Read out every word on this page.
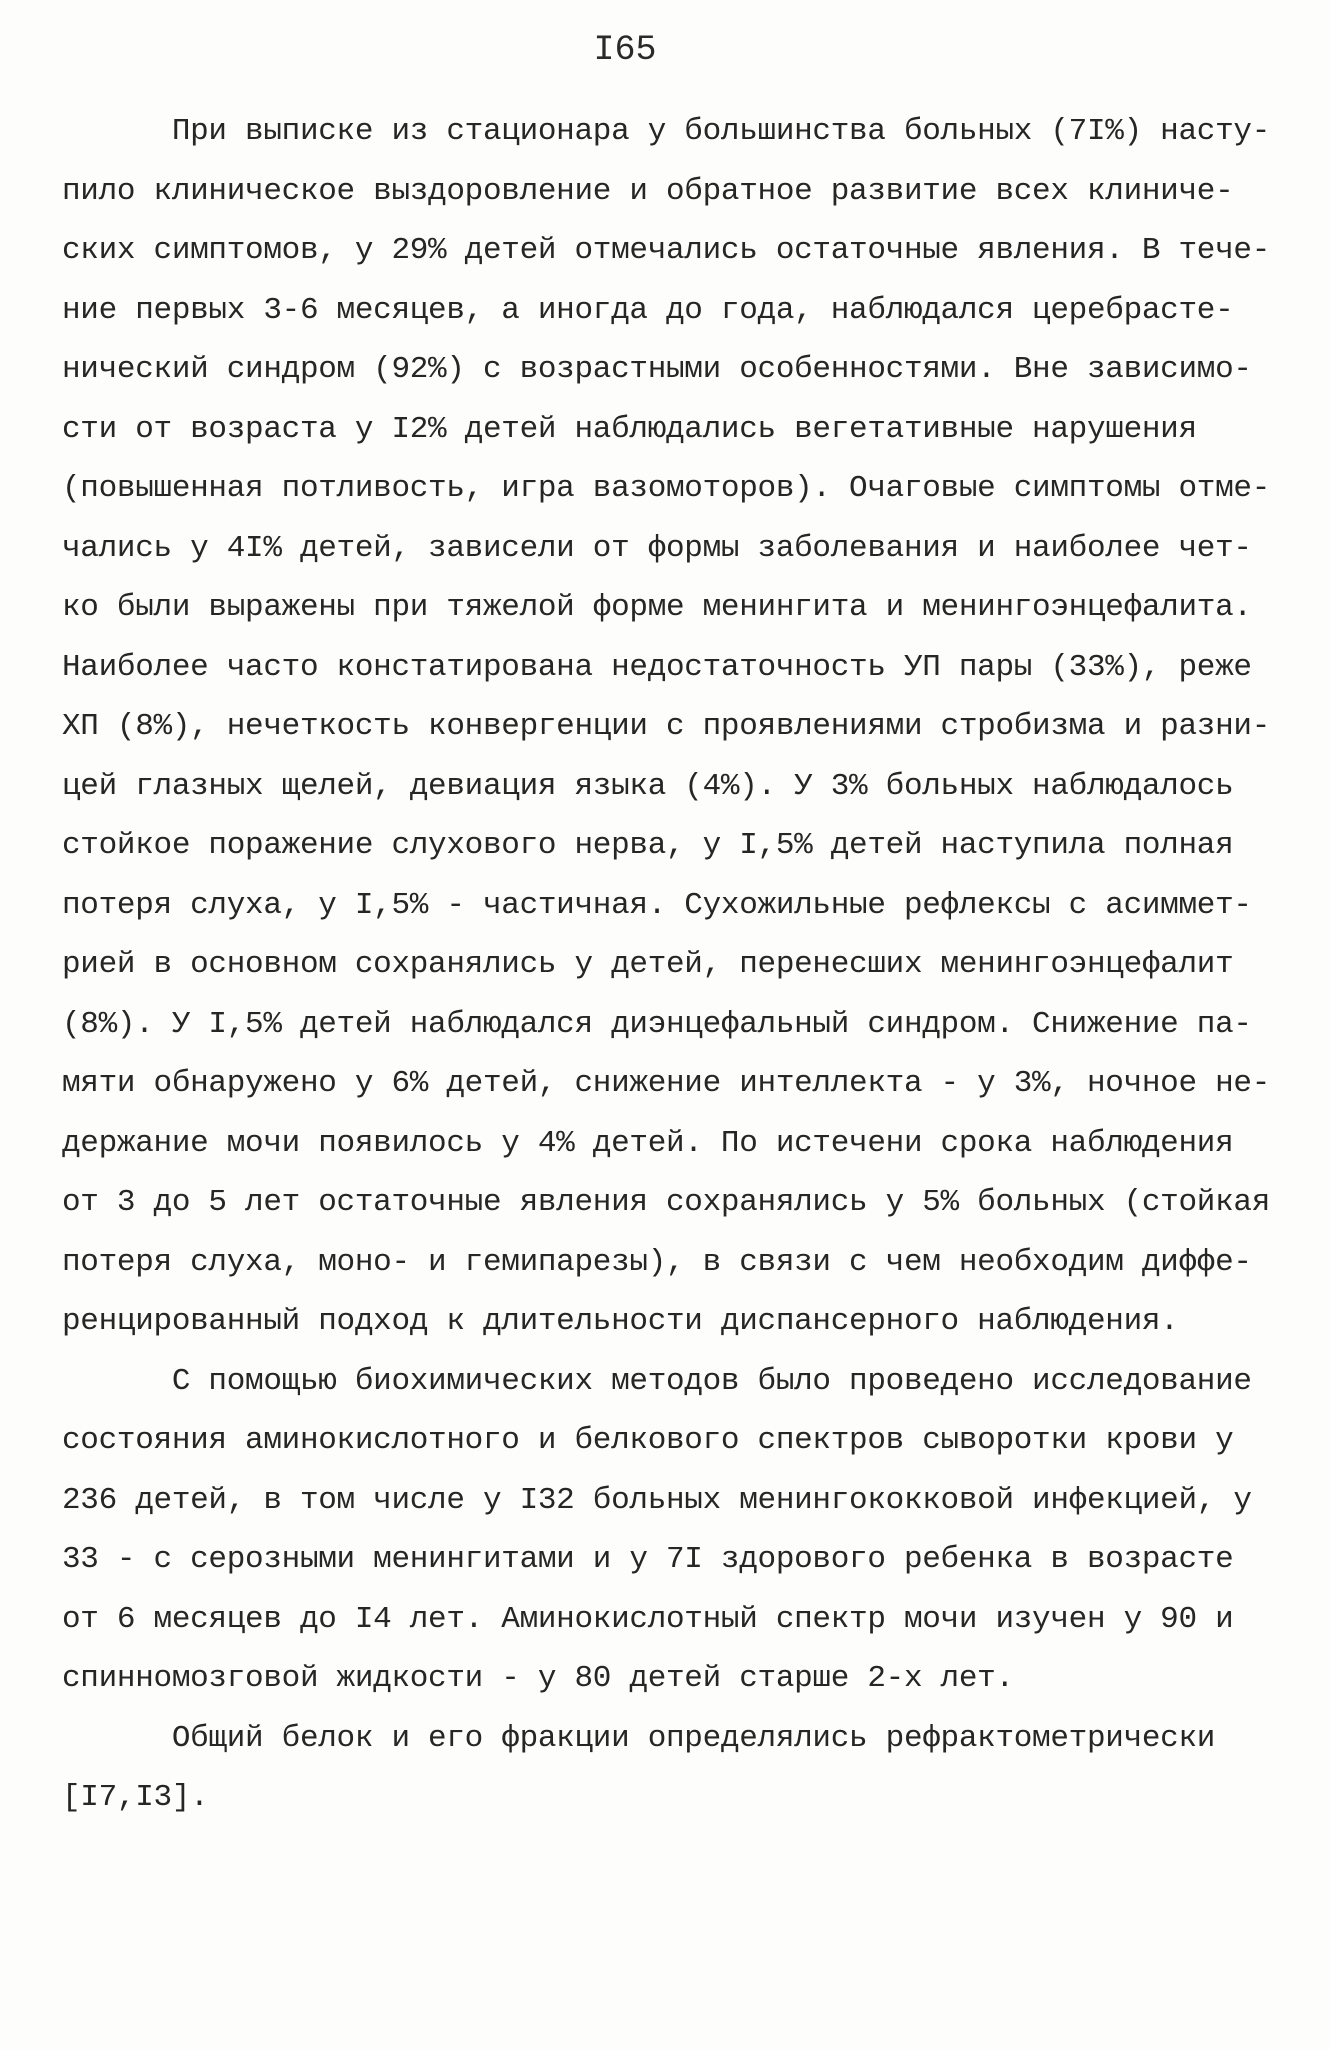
I65
При выписке из стационара у большинства больных (7I%) насту-
пило клиническое выздоровление и обратное развитие всех клиниче-
ских симптомов, у 29% детей отмечались остаточные явления. В тече-
ние первых 3-6 месяцев, а иногда до года, наблюдался церебрасте-
нический синдром (92%) с возрастными особенностями. Вне зависимо-
сти от возраста у I2% детей наблюдались вегетативные нарушения
(повышенная потливость, игра вазомоторов). Очаговые симптомы отме-
чались у 4I% детей, зависели от формы заболевания и наиболее чет-
ко были выражены при тяжелой форме менингита и менингоэнцефалита.
Наиболее часто констатирована недостаточность УП пары (33%), реже
ХП (8%), нечеткость конвергенции с проявлениями стробизма и разни-
цей глазных щелей, девиация языка (4%). У 3% больных наблюдалось
стойкое поражение слухового нерва, у I,5% детей наступила полная
потеря слуха, у I,5% - частичная. Сухожильные рефлексы с асиммет-
рией в основном сохранялись у детей, перенесших менингоэнцефалит
(8%). У I,5% детей наблюдался диэнцефальный синдром. Снижение па-
мяти обнаружено у 6% детей, снижение интеллекта - у 3%, ночное не-
держание мочи появилось у 4% детей. По истечени срока наблюдения
от 3 до 5 лет остаточные явления сохранялись у 5% больных (стойкая
потеря слуха, моно- и гемипарезы), в связи с чем необходим диффе-
ренцированный подход к длительности диспансерного наблюдения.
С помощью биохимических методов было проведено исследование
состояния аминокислотного и белкового спектров сыворотки крови у
236 детей, в том числе у I32 больных менингококковой инфекцией, у
33 - с серозными менингитами и у 7I здорового ребенка в возрасте
от 6 месяцев до I4 лет. Аминокислотный спектр мочи изучен у 90 и
спинномозговой жидкости - у 80 детей старше 2-х лет.
Общий белок и его фракции определялись рефрактометрически
[I7,I3].
